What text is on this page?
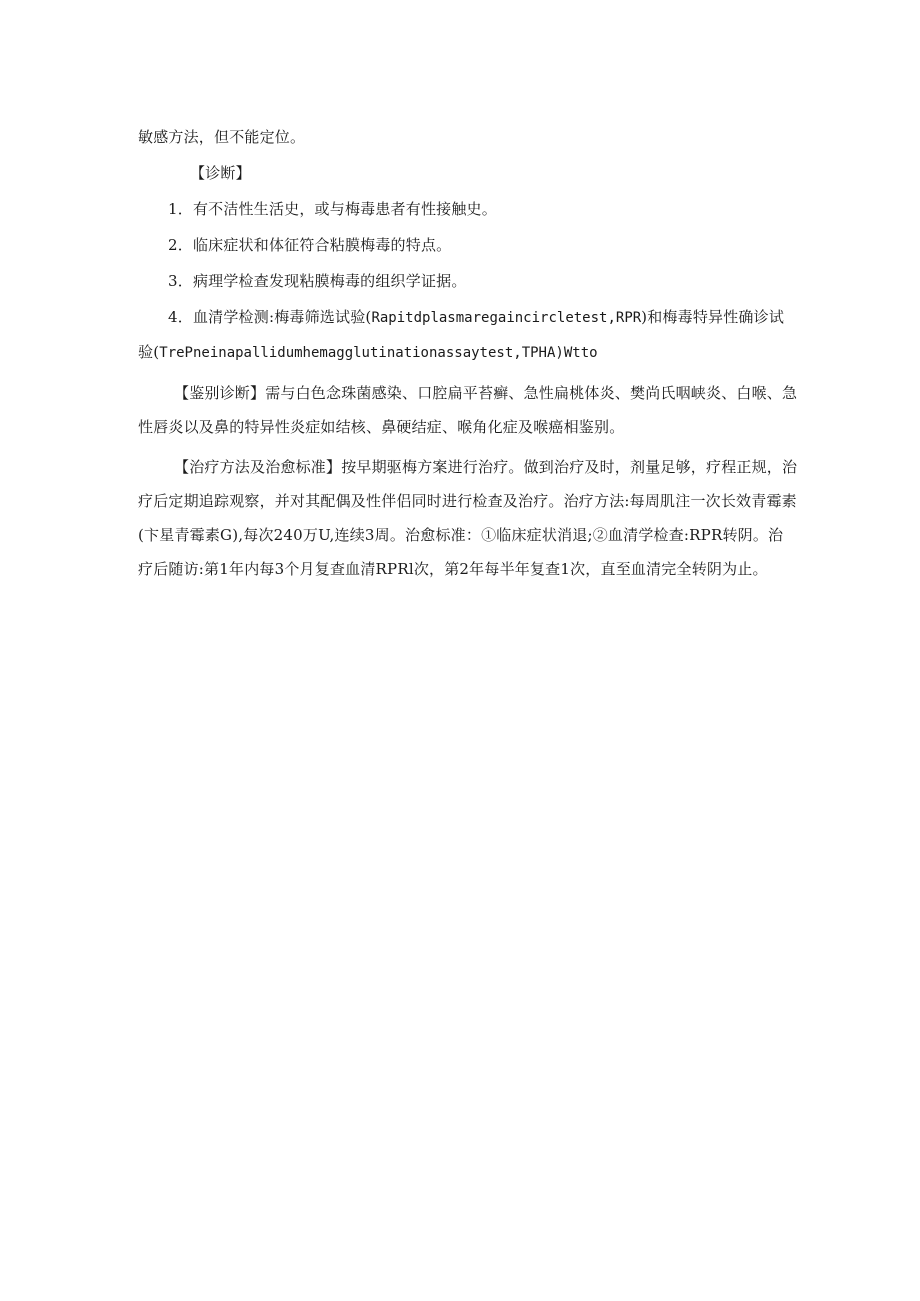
敏感方法，但不能定位。

【诊断】

1．有不洁性生活史，或与梅毒患者有性接触史。

2．临床症状和体征符合粘膜梅毒的特点。

3．病理学检查发现粘膜梅毒的组织学证据。

4．血清学检测:梅毒筛选试验(Rapitdplasmaregaincircletest,RPR)和梅毒特异性确诊试验(TrePneinapallidumhemagglutinationassaytest,TPHA)Wtto

【鉴别诊断】需与白色念珠菌感染、口腔扁平苔癣、急性扁桃体炎、樊尚氏咽峡炎、白喉、急性唇炎以及鼻的特异性炎症如结核、鼻硬结症、喉角化症及喉癌相鉴别。

【治疗方法及治愈标准】按早期驱梅方案进行治疗。做到治疗及时，剂量足够，疗程正规，治疗后定期追踪观察，并对其配偶及性伴侣同时进行检查及治疗。治疗方法:每周肌注一次长效青霉素(卞星青霉素G),每次240万U,连续3周。治愈标准：①临床症状消退;②血清学检查:RPR转阴。治疗后随访:第1年内每3个月复查血清RPRl次，第2年每半年复查1次，直至血清完全转阴为止。
